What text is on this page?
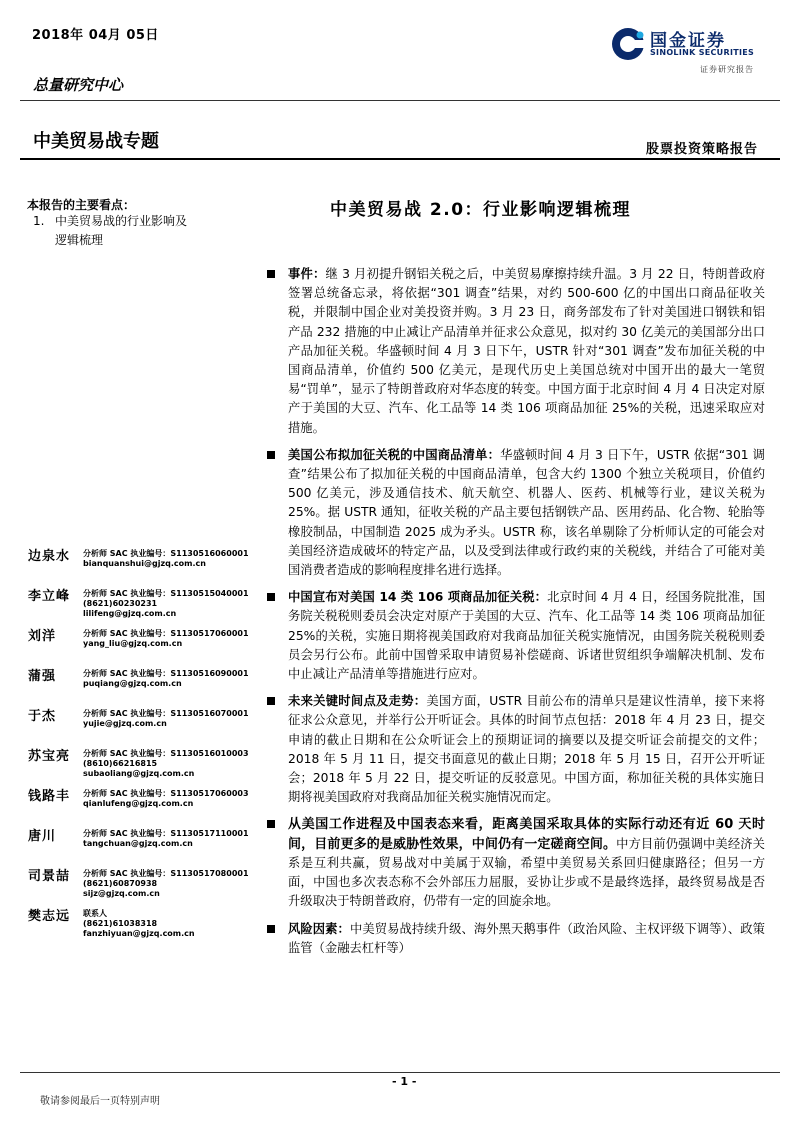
2018年 04月 05日	国金证券
SINOLINK SECURITIES
证券研究报告
总量研究中心
中美贸易战专题	股票投资策略报告
本报告的主要看点：
1. 中美贸易战的行业影响及
逻辑梳理
中美贸易战 2.0：行业影响逻辑梳理
事件：继 3 月初提升钢铝关税之后，中美贸易摩擦持续升温。3 月 22 日，特朗普政府签署总统备忘录，将依据“301 调查”结果，对约 500-600 亿的中国出口商品征收关税，并限制中国企业对美投资并购。3 月 23 日，商务部发布了针对美国进口钢铁和铝产品 232 措施的中止减让产品清单并征求公众意见，拟对约 30 亿美元的美国部分出口产品加征关税。华盛顿时间 4 月 3 日下午，USTR 针对“301 调查”发布加征关税的中国商品清单，价值约 500 亿美元，是现代历史上美国总统对中国开出的最大一笔贸易“罚单”，显示了特朗普政府对华态度的转变。中国方面于北京时间 4 月 4 日决定对原产于美国的大豆、汽车、化工品等 14 类 106 项商品加征 25%的关税，迅速采取应对措施。
美国公布拟加征关税的中国商品清单：华盛顿时间 4 月 3 日下午，USTR 依据“301 调查”结果公布了拟加征关税的中国商品清单，包含大约 1300 个独立关税项目，价值约 500 亿美元，涉及通信技术、航天航空、机器人、医药、机械等行业，建议关税为 25%。据 USTR 通知，征收关税的产品主要包括钢铁产品、医用药品、化合物、轮胎等橡胶制品，中国制造 2025 成为矛头。USTR 称，该名单剔除了分析师认定的可能会对美国经济造成破坏的特定产品，以及受到法律或行政约束的关税线，并结合了可能对美国消费者造成的影响程度排名进行选择。
中国宣布对美国 14 类 106 项商品加征关税：北京时间 4 月 4 日，经国务院批准，国务院关税税则委员会决定对原产于美国的大豆、汽车、化工品等 14 类 106 项商品加征 25%的关税，实施日期将视美国政府对我商品加征关税实施情况，由国务院关税税则委员会另行公布。此前中国曾采取申请贸易补偿磋商、诉诸世贸组织争端解决机制、发布中止减让产品清单等措施进行应对。
未来关键时间点及走势：美国方面，USTR 目前公布的清单只是建议性清单，接下来将征求公众意见，并举行公开听证会。具体的时间节点包括：2018 年 4 月 23 日，提交申请的截止日期和在公众听证会上的预期证词的摘要以及提交听证会前提交的文件；2018 年 5 月 11 日，提交书面意见的截止日期；2018 年 5 月 15 日，召开公开听证会；2018 年 5 月 22 日，提交听证的反驳意见。中国方面，称加征关税的具体实施日期将视美国政府对我商品加征关税实施情况而定。
从美国工作进程及中国表态来看，距离美国采取具体的实际行动还有近 60 天时间，目前更多的是威胁性效果，中间仍有一定磋商空间。中方目前仍强调中美经济关系是互利共赢，贸易战对中美属于双输，希望中美贸易关系回归健康路径；但另一方面，中国也多次表态称不会外部压力屈服，妥协让步或不是最终选择，最终贸易战是否升级取决于特朗普政府，仍带有一定的回旋余地。
风险因素：中美贸易战持续升级、海外黑天鹅事件（政治风险、主权评级下调等）、政策监管（金融去杠杆等）
边泉水 分析师 SAC 执业编号：S1130516060001
bianquanshui@gjzq.com.cn
李立峰 分析师 SAC 执业编号：S1130515040001
(8621)60230231
lilifeng@gjzq.com.cn
刘洋	分析师 SAC 执业编号：S1130517060001
yang_liu@gjzq.com.cn
蒲强	分析师 SAC 执业编号：S1130516090001
puqiang@gjzq.com.cn
于杰	分析师 SAC 执业编号：S1130516070001
yujie@gjzq.com.cn
苏宝亮 分析师 SAC 执业编号：S1130516010003
(8610)66216815
subaoliang@gjzq.com.cn
钱路丰 分析师 SAC 执业编号：S1130517060003
qianlufeng@gjzq.com.cn
唐川	分析师 SAC 执业编号：S1130517110001
tangchuan@gjzq.com.cn
司景喆 分析师 SAC 执业编号：S1130517080001
(8621)60870938
sijz@gjzq.com.cn
樊志远 联系人
(8621)61038318
fanzhiyuan@gjzq.com.cn
- 1 -
敬请参阅最后一页特别声明
